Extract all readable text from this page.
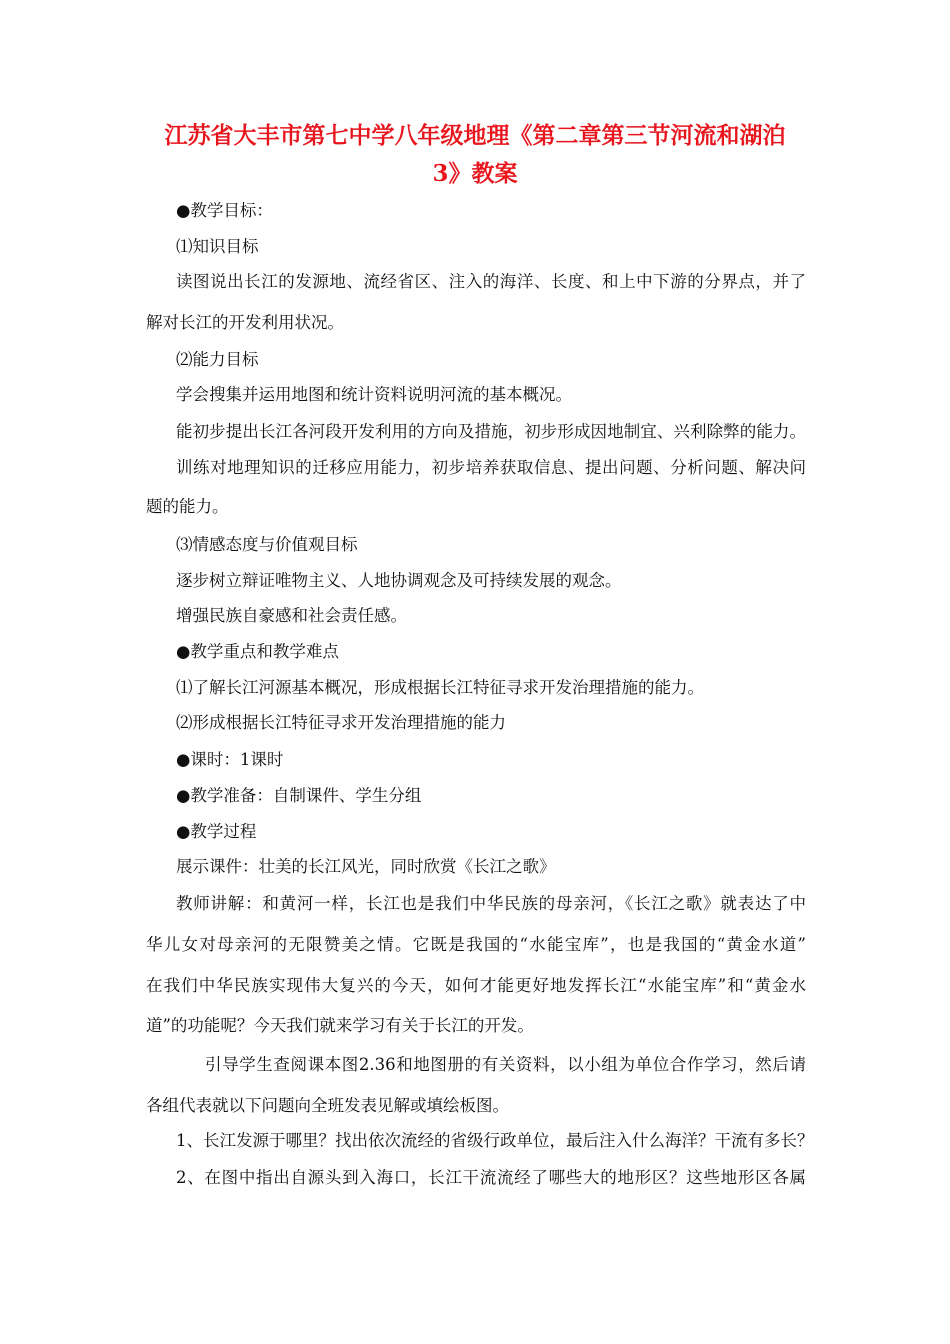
江苏省大丰市第七中学八年级地理《第二章第三节河流和湖泊
3》教案
●教学目标：
⑴知识目标
读图说出长江的发源地、流经省区、注入的海洋、长度、和上中下游的分界点，并了
解对长江的开发利用状况。
⑵能力目标
学会搜集并运用地图和统计资料说明河流的基本概况。
能初步提出长江各河段开发利用的方向及措施，初步形成因地制宜、兴利除弊的能力。
训练对地理知识的迁移应用能力，初步培养获取信息、提出问题、分析问题、解决问
题的能力。
⑶情感态度与价值观目标
逐步树立辩证唯物主义、人地协调观念及可持续发展的观念。
增强民族自豪感和社会责任感。
●教学重点和教学难点
⑴了解长江河源基本概况，形成根据长江特征寻求开发治理措施的能力。
⑵形成根据长江特征寻求开发治理措施的能力
●课时：1课时
●教学准备：自制课件、学生分组
●教学过程
展示课件：壮美的长江风光，同时欣赏《长江之歌》
教师讲解：和黄河一样，长江也是我们中华民族的母亲河，《长江之歌》就表达了中
华儿女对母亲河的无限赞美之情。它既是我国的“水能宝库”，也是我国的“黄金水道”
在我们中华民族实现伟大复兴的今天，如何才能更好地发挥长江“水能宝库”和“黄金水
道”的功能呢？今天我们就来学习有关于长江的开发。
引导学生查阅课本图2.36和地图册的有关资料，以小组为单位合作学习，然后请
各组代表就以下问题向全班发表见解或填绘板图。
1、长江发源于哪里？找出依次流经的省级行政单位，最后注入什么海洋？干流有多长？
2、在图中指出自源头到入海口，长江干流流经了哪些大的地形区？这些地形区各属
